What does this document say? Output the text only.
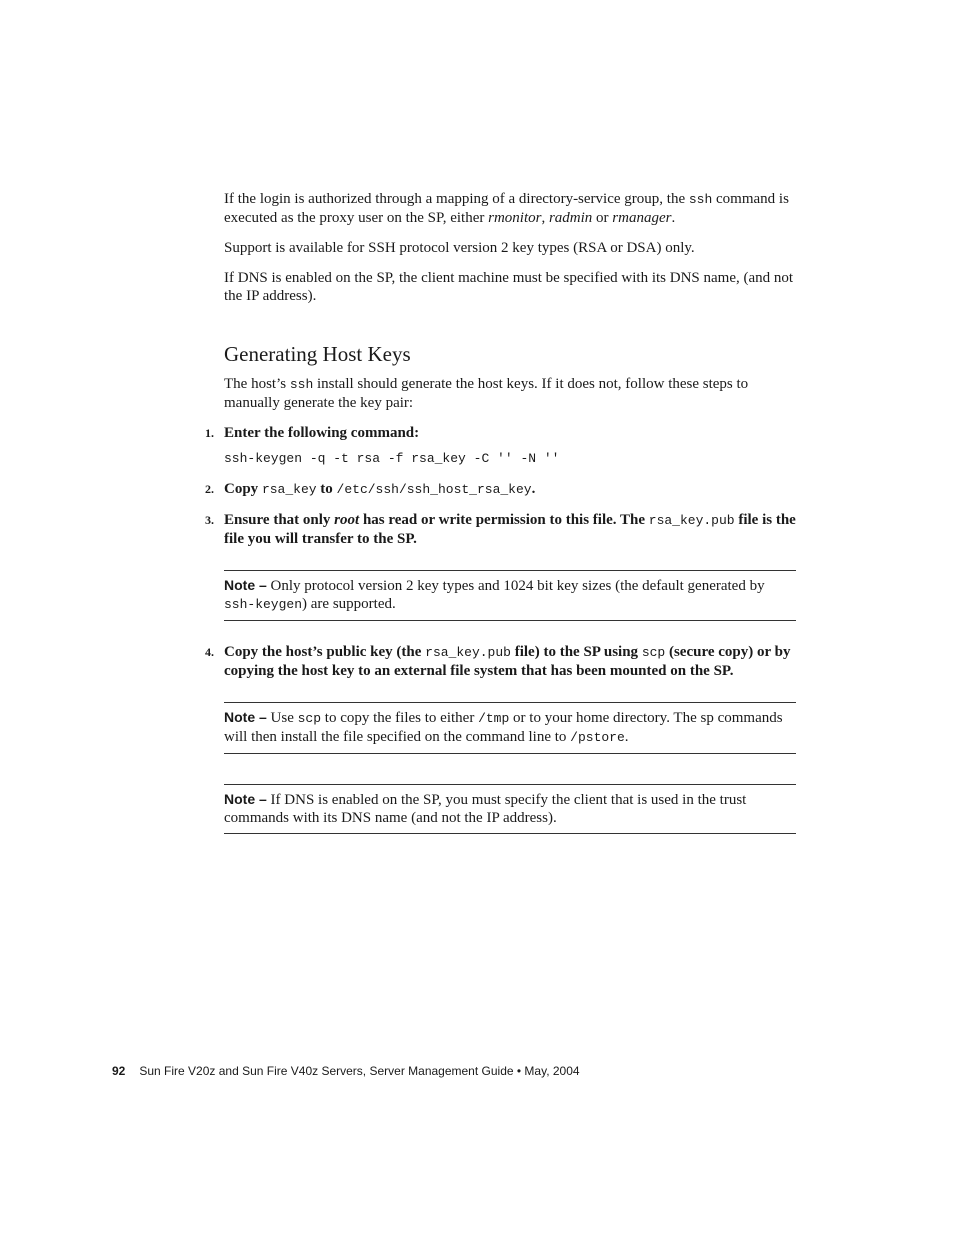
If the login is authorized through a mapping of a directory-service group, the ssh command is executed as the proxy user on the SP, either rmonitor, radmin or rmanager.

Support is available for SSH protocol version 2 key types (RSA or DSA) only.

If DNS is enabled on the SP, the client machine must be specified with its DNS name, (and not the IP address).

Generating Host Keys

The host’s ssh install should generate the host keys. If it does not, follow these steps to manually generate the key pair:

1. Enter the following command:
ssh-keygen -q -t rsa -f rsa_key -C '' -N ''
2. Copy rsa_key to /etc/ssh/ssh_host_rsa_key.
3. Ensure that only root has read or write permission to this file. The rsa_key.pub file is the file you will transfer to the SP.
Note – Only protocol version 2 key types and 1024 bit key sizes (the default generated by ssh-keygen) are supported.
4. Copy the host’s public key (the rsa_key.pub file) to the SP using scp (secure copy) or by copying the host key to an external file system that has been mounted on the SP.
Note – Use scp to copy the files to either /tmp or to your home directory. The sp commands will then install the file specified on the command line to /pstore.
Note – If DNS is enabled on the SP, you must specify the client that is used in the trust commands with its DNS name (and not the IP address).
92 Sun Fire V20z and Sun Fire V40z Servers, Server Management Guide • May, 2004
